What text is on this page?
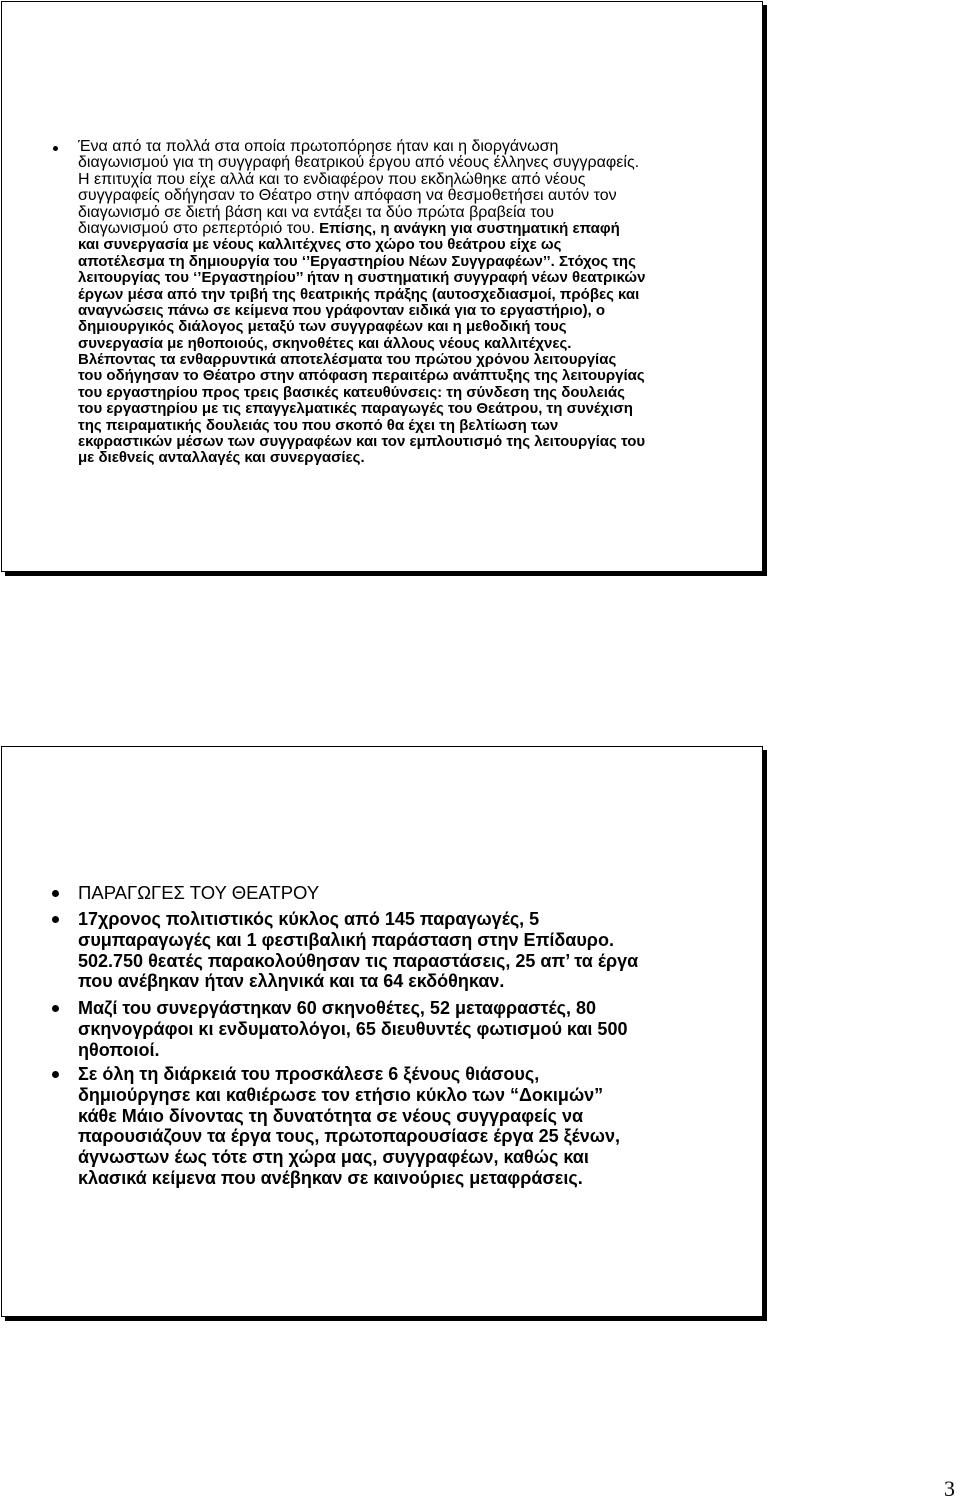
Ένα από τα πολλά στα οποία πρωτοπόρησε ήταν και η διοργάνωση
διαγωνισμού για τη συγγραφή θεατρικού έργου από νέους έλληνες συγγραφείς.
Η επιτυχία που είχε αλλά και το ενδιαφέρον που εκδηλώθηκε από νέους
συγγραφείς οδήγησαν το Θέατρο στην απόφαση να θεσμοθετήσει αυτόν τον
διαγωνισμό σε διετή βάση και να εντάξει τα δύο πρώτα βραβεία του
διαγωνισμού στο ρεπερτόριό του. Επίσης, η ανάγκη για συστηματική επαφή
και συνεργασία με νέους καλλιτέχνες στο χώρο του θεάτρου είχε ως
αποτέλεσμα τη δημιουργία του ‘’Εργαστηρίου Νέων Συγγραφέων’’. Στόχος της
λειτουργίας του ‘’Εργαστηρίου’’ ήταν η συστηματική συγγραφή νέων θεατρικών
έργων μέσα από την τριβή της θεατρικής πράξης (αυτοσχεδιασμοί, πρόβες και
αναγνώσεις πάνω σε κείμενα που γράφονταν ειδικά για το εργαστήριο), ο
δημιουργικός διάλογος μεταξύ των συγγραφέων και η μεθοδική τους
συνεργασία με ηθοποιούς, σκηνοθέτες και άλλους νέους καλλιτέχνες.
Βλέποντας τα ενθαρρυντικά αποτελέσματα του πρώτου χρόνου λειτουργίας
του οδήγησαν το Θέατρο στην απόφαση περαιτέρω ανάπτυξης της λειτουργίας
του εργαστηρίου προς τρεις βασικές κατευθύνσεις: τη σύνδεση της δουλειάς
του εργαστηρίου με τις επαγγελματικές παραγωγές του Θεάτρου, τη συνέχιση
της πειραματικής δουλειάς του που σκοπό θα έχει τη βελτίωση των
εκφραστικών μέσων των συγγραφέων και τον εμπλουτισμό της λειτουργίας του
με διεθνείς ανταλλαγές και συνεργασίες.
ΠΑΡΑΓΩΓΕΣ ΤΟΥ ΘΕΑΤΡΟΥ
17χρονος πολιτιστικός κύκλος από 145 παραγωγές, 5
συμπαραγωγές και 1 φεστιβαλική παράσταση στην Επίδαυρο.
502.750 θεατές παρακολούθησαν τις παραστάσεις, 25 απ’ τα έργα
που ανέβηκαν ήταν ελληνικά και τα 64 εκδόθηκαν.
Μαζί του συνεργάστηκαν 60 σκηνοθέτες, 52 μεταφραστές, 80
σκηνογράφοι κι ενδυματολόγοι, 65 διευθυντές φωτισμού και 500
ηθοποιοί.
Σε όλη τη διάρκειά του προσκάλεσε 6 ξένους θιάσους,
δημιούργησε και καθιέρωσε τον ετήσιο κύκλο των “Δοκιμών”
κάθε Μάιο δίνοντας τη δυνατότητα σε νέους συγγραφείς να
παρουσιάζουν τα έργα τους, πρωτοπαρουσίασε έργα 25 ξένων,
άγνωστων έως τότε στη χώρα μας, συγγραφέων, καθώς και
κλασικά κείμενα που ανέβηκαν σε καινούριες μεταφράσεις.
3
